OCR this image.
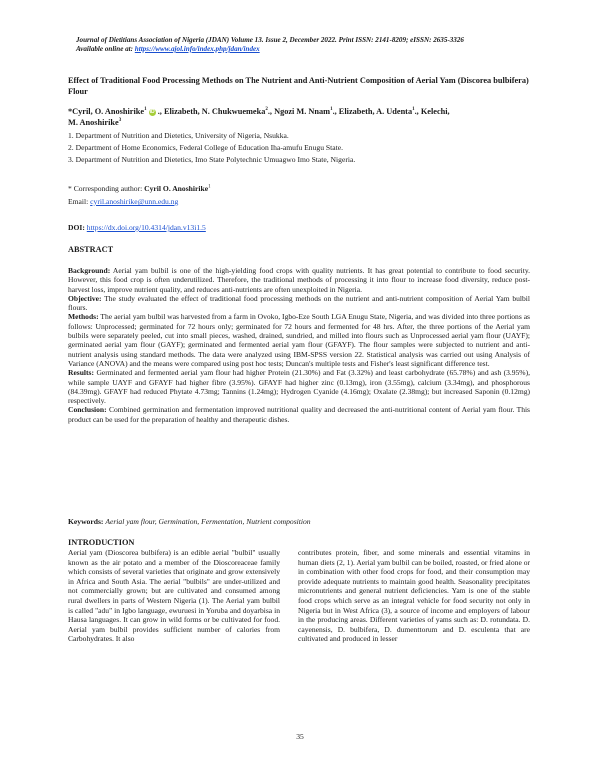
Journal of Dietitians Association of Nigeria (JDAN) Volume 13. Issue 2, December 2022. Print ISSN: 2141-8209; eISSN: 2635-3326
Available online at: https://www.ajol.info/index.php/jdan/index
Effect of Traditional Food Processing Methods on The Nutrient and Anti-Nutrient Composition of Aerial Yam (Discorea bulbifera) Flour
*Cyril, O. Anoshirike$^1$ iD ., Elizabeth, N. Chukwuemeka$^2$., Ngozi M. Nnam$^1$., Elizabeth, A. Udenta$^1$., Kelechi,
M. Anoshirike$^3$
1. Department of Nutrition and Dietetics, University of Nigeria, Nsukka.
2. Department of Home Economics, Federal College of Education Iha-amufu Enugu State.
3. Department of Nutrition and Dietetics, Imo State Polytechnic Umuagwo Imo State, Nigeria.
* Corresponding author: Cyril O. Anoshirike$^1$
Email: cyril.anoshirike@unn.edu.ng
DOI: https://dx.doi.org/10.4314/jdan.v13i1.5
ABSTRACT

Background: Aerial yam bulbil is one of the high-yielding food crops with quality nutrients. It has great potential to contribute to food security. However, this food crop is often underutilized. Therefore, the traditional methods of processing it into flour to increase food diversity, reduce post-harvest loss, improve nutrient quality, and reduces anti-nutrients are often unexploited in Nigeria.

Objective: The study evaluated the effect of traditional food processing methods on the nutrient and anti-nutrient composition of Aerial Yam bulbil flours.

Methods: The aerial yam bulbil was harvested from a farm in Ovoko, Igbo-Eze South LGA Enugu State, Nigeria, and was divided into three portions as follows: Unprocessed; germinated for 72 hours only; germinated for 72 hours and fermented for 48 hrs. After, the three portions of the Aerial yam bulbils were separately peeled, cut into small pieces, washed, drained, sundried, and milled into flours such as Unprocessed aerial yam flour (UAYF); germinated aerial yam flour (GAYF); germinated and fermented aerial yam flour (GFAYF). The flour samples were subjected to nutrient and anti-nutrient analysis using standard methods. The data were analyzed using IBM-SPSS version 22. Statistical analysis was carried out using Analysis of Variance (ANOVA) and the means were compared using post hoc tests; Duncan's multiple tests and Fisher's least significant difference test.

Results: Germinated and fermented aerial yam flour had higher Protein (21.30%) and Fat (3.32%) and least carbohydrate (65.78%) and ash (3.95%), while sample UAYF and GFAYF had higher fibre (3.95%). GFAYF had higher zinc (0.13mg), iron (3.55mg), calcium (3.34mg), and phosphorous (84.39mg). GFAYF had reduced Phytate 4.73mg; Tannins (1.24mg); Hydrogen Cyanide (4.16mg); Oxalate (2.38mg); but increased Saponin (0.12mg) respectively.

Conclusion: Combined germination and fermentation improved nutritional quality and decreased the anti-nutritional content of Aerial yam flour. This product can be used for the preparation of healthy and therapeutic dishes.

Keywords: Aerial yam flour, Germination, Fermentation, Nutrient composition
INTRODUCTION

Aerial yam (Dioscorea bulbifera) is an edible aerial "bulbil" usually known as the air potato and a member of the Dioscoreaceae family which consists of several varieties that originate and grow extensively in Africa and South Asia. The aerial "bulbils" are under-utilized and not commercially grown; but are cultivated and consumed among rural dwellers in parts of Western Nigeria (1). The Aerial yam bulbil is called "adu" in Igbo language, ewuruesi in Yoruba and doyarbisa in Hausa languages. It can grow in wild forms or be cultivated for food. Aerial yam bulbil provides sufficient number of calories from Carbohydrates. It also

contributes protein, fiber, and some minerals and essential vitamins in human diets (2, 1). Aerial yam bulbil can be boiled, roasted, or fried alone or in combination with other food crops for food, and their consumption may provide adequate nutrients to maintain good health. Seasonality precipitates micronutrients and general nutrient deficiencies. Yam is one of the stable food crops which serve as an integral vehicle for food security not only in Nigeria but in West Africa (3), a source of income and employers of labour in the producing areas. Different varieties of yams such as: D. rotundata. D. cayenensis, D. bulbifera, D. dumenttorum and D. esculenta that are cultivated and produced in lesser

35
